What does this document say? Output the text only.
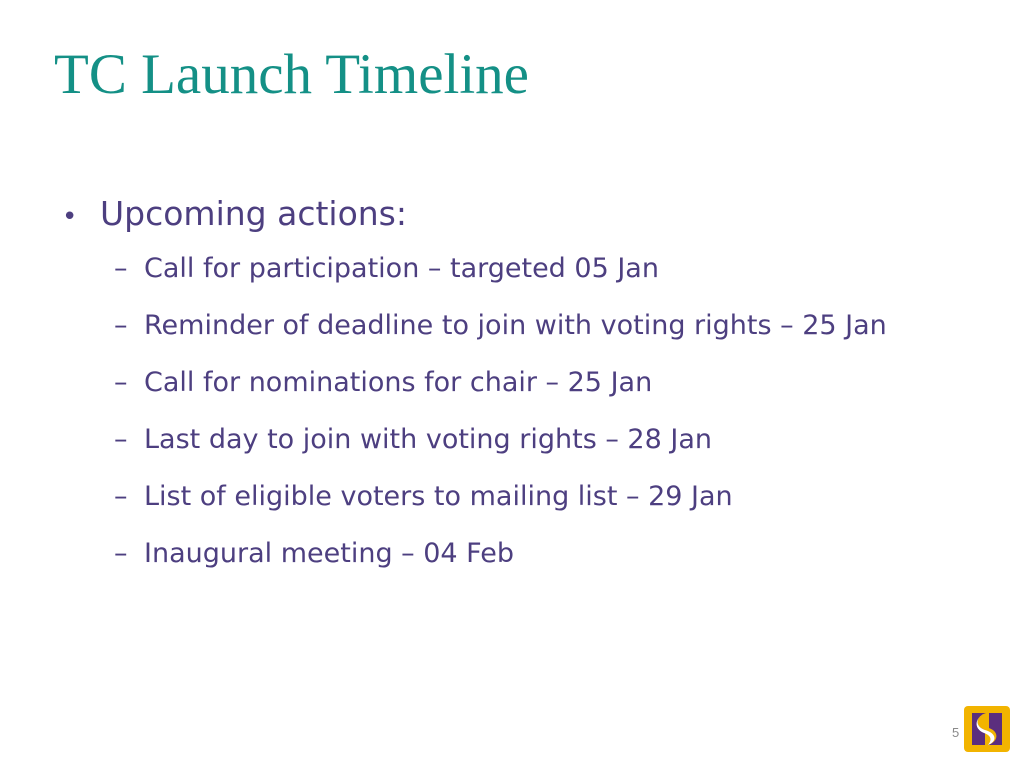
TC Launch Timeline
• Upcoming actions:
– Call for participation – targeted 05 Jan
– Reminder of deadline to join with voting rights – 25 Jan
– Call for nominations for chair – 25 Jan
– Last day to join with voting rights – 28 Jan
– List of eligible voters to mailing list – 29 Jan
– Inaugural meeting – 04 Feb
5
